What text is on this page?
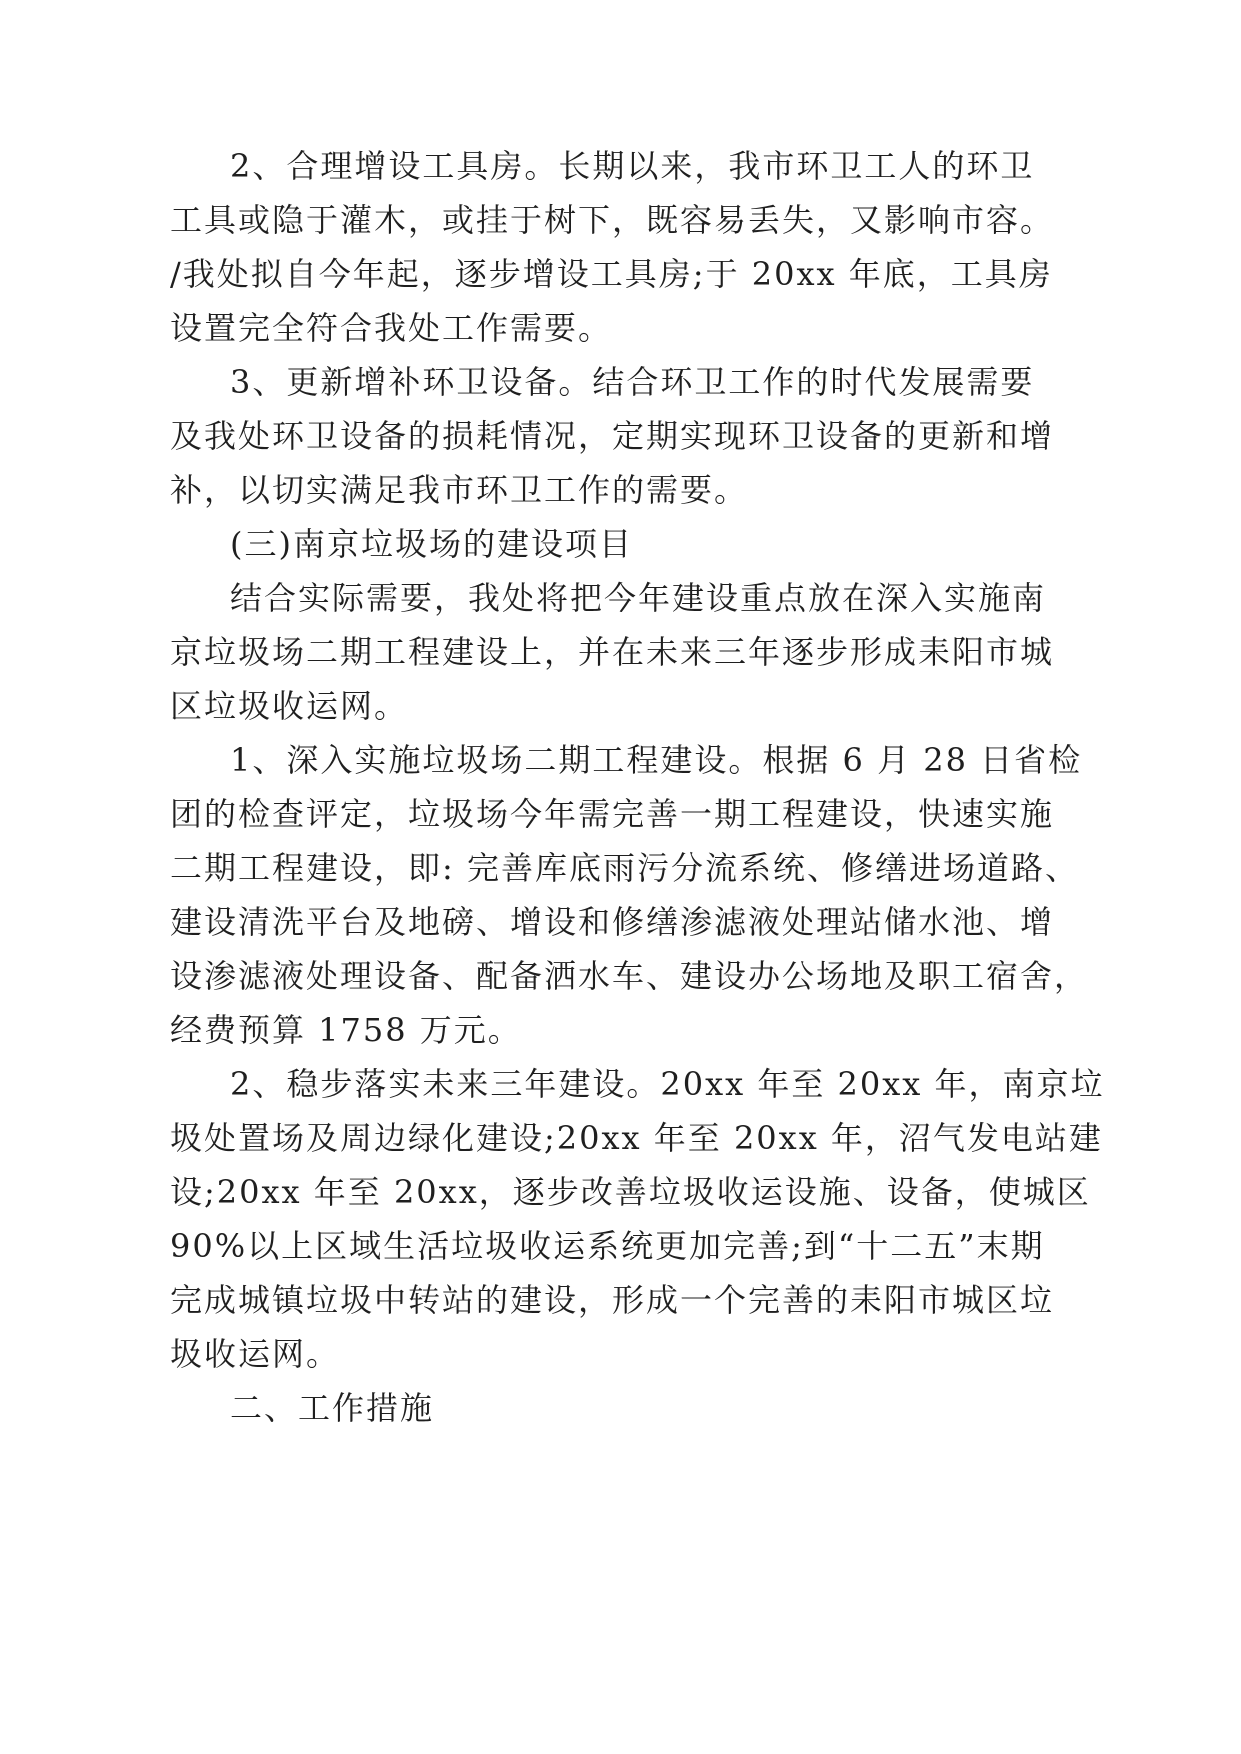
2、合理增设工具房。长期以来，我市环卫工人的环卫
工具或隐于灌木，或挂于树下，既容易丢失，又影响市容。
/我处拟自今年起，逐步增设工具房;于 20xx 年底，工具房
设置完全符合我处工作需要。
3、更新增补环卫设备。结合环卫工作的时代发展需要
及我处环卫设备的损耗情况，定期实现环卫设备的更新和增
补，以切实满足我市环卫工作的需要。
(三)南京垃圾场的建设项目
结合实际需要，我处将把今年建设重点放在深入实施南
京垃圾场二期工程建设上，并在未来三年逐步形成耒阳市城
区垃圾收运网。
1、深入实施垃圾场二期工程建设。根据 6 月 28 日省检
团的检查评定，垃圾场今年需完善一期工程建设，快速实施
二期工程建设，即: 完善库底雨污分流系统、修缮进场道路、
建设清洗平台及地磅、增设和修缮渗滤液处理站储水池、增
设渗滤液处理设备、配备洒水车、建设办公场地及职工宿舍，
经费预算 1758 万元。
2、稳步落实未来三年建设。20xx 年至 20xx 年，南京垃
圾处置场及周边绿化建设;20xx 年至 20xx 年，沼气发电站建
设;20xx 年至 20xx，逐步改善垃圾收运设施、设备，使城区
90%以上区域生活垃圾收运系统更加完善;到“十二五”末期
完成城镇垃圾中转站的建设，形成一个完善的耒阳市城区垃
圾收运网。
二、工作措施
